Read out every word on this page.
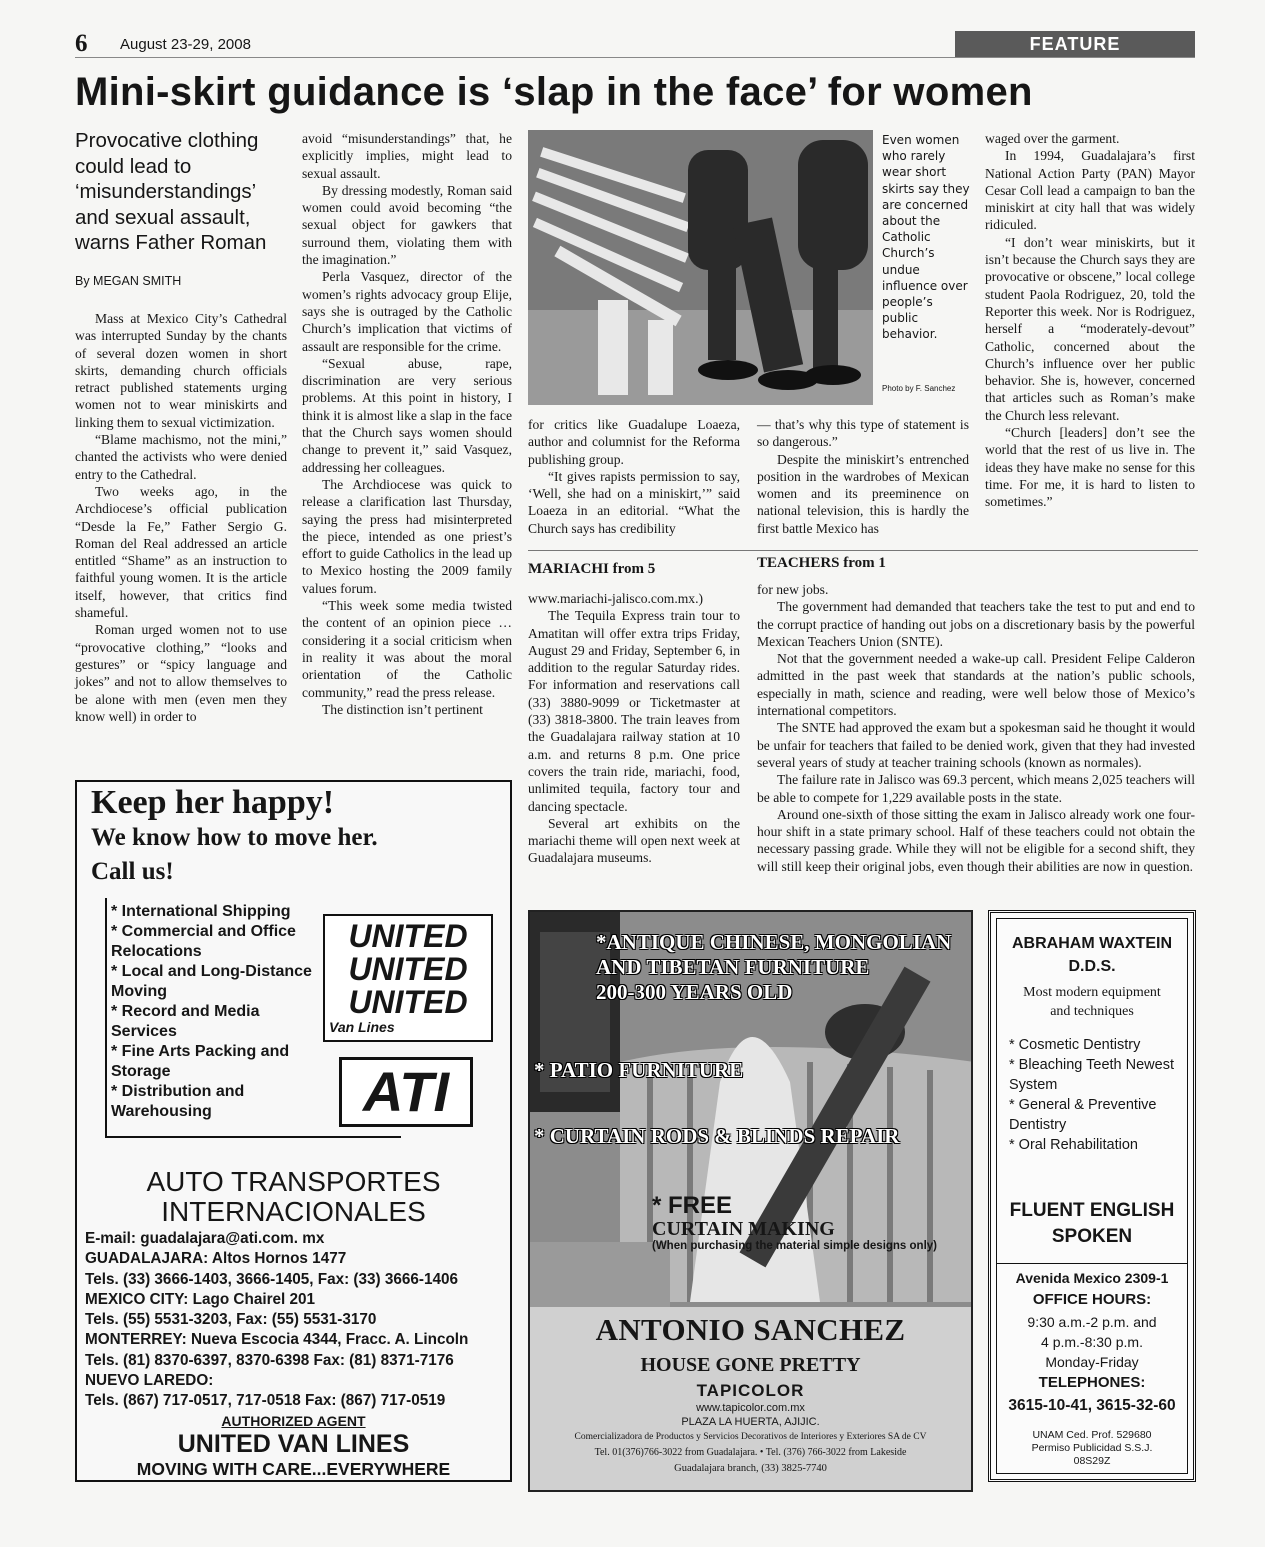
6 August 23-29, 2008	FEATURE
Mini-skirt guidance is ‘slap in the face’ for women
Provocative clothing could lead to ‘misunderstandings’ and sexual assault, warns Father Roman
By MEGAN SMITH

Mass at Mexico City’s Cathedral was interrupted Sunday by the chants of several dozen women in short skirts, demanding church officials retract published statements urging women not to wear miniskirts and linking them to sexual victimization.

“Blame machismo, not the mini,” chanted the activists who were denied entry to the Cathedral.

Two weeks ago, in the Archdiocese’s official publication “Desde la Fe,” Father Sergio G. Roman del Real addressed an article entitled “Shame” as an instruction to faithful young women. It is the article itself, however, that critics find shameful.

Roman urged women not to use “provocative clothing,” “looks and gestures” or “spicy language and jokes” and not to allow themselves to be alone with men (even men they know well) in order to

avoid “misunderstandings” that, he explicitly implies, might lead to sexual assault.

By dressing modestly, Roman said women could avoid becoming “the sexual object for gawkers that surround them, violating them with the imagination.”

Perla Vasquez, director of the women’s rights advocacy group Elije, says she is outraged by the Catholic Church’s implication that victims of assault are responsible for the crime.

“Sexual abuse, rape, discrimination are very serious problems. At this point in history, I think it is almost like a slap in the face that the Church says women should change to prevent it,” said Vasquez, addressing her colleagues.

The Archdiocese was quick to release a clarification last Thursday, saying the press had misinterpreted the piece, intended as one priest’s effort to guide Catholics in the lead up to Mexico hosting the 2009 family values forum.

“This week some media twisted the content of an opinion piece … considering it a social criticism when in reality it was about the moral orientation of the Catholic community,” read the press release.

The distinction isn’t pertinent

Even women who rarely wear short skirts say they are concerned about the Catholic Church’s undue influence over people’s public behavior.
Photo by F. Sanchez

for critics like Guadalupe Loaeza, author and columnist for the Reforma publishing group.

“It gives rapists permission to say, ‘Well, she had on a miniskirt,’” said Loaeza in an editorial. “What the Church says has credibility

— that’s why this type of statement is so dangerous.”

Despite the miniskirt’s entrenched position in the wardrobes of Mexican women and its preeminence on national television, this is hardly the first battle Mexico has

waged over the garment.

In 1994, Guadalajara’s first National Action Party (PAN) Mayor Cesar Coll lead a campaign to ban the miniskirt at city hall that was widely ridiculed.

“I don’t wear miniskirts, but it isn’t because the Church says they are provocative or obscene,” local college student Paola Rodriguez, 20, told the Reporter this week. Nor is Rodriguez, herself a “moderately-devout” Catholic, concerned about the Church’s influence over her public behavior. She is, however, concerned that articles such as Roman’s make the Church less relevant.

“Church [leaders] don’t see the world that the rest of us live in. The ideas they have make no sense for this time. For me, it is hard to listen to sometimes.”

MARIACHI from 5

www.mariachi-jalisco.com.mx.)

The Tequila Express train tour to Amatitan will offer extra trips Friday, August 29 and Friday, September 6, in addition to the regular Saturday rides. For information and reservations call (33) 3880-9099 or Ticketmaster at (33) 3818-3800. The train leaves from the Guadalajara railway station at 10 a.m. and returns 8 p.m. One price covers the train ride, mariachi, food, unlimited tequila, factory tour and dancing spectacle.

Several art exhibits on the mariachi theme will open next week at Guadalajara museums.

TEACHERS from 1

for new jobs.

The government had demanded that teachers take the test to put and end to the corrupt practice of handing out jobs on a discretionary basis by the powerful Mexican Teachers Union (SNTE).

Not that the government needed a wake-up call. President Felipe Calderon admitted in the past week that standards at the nation’s public schools, especially in math, science and reading, were well below those of Mexico’s international competitors.

The SNTE had approved the exam but a spokesman said he thought it would be unfair for teachers that failed to be denied work, given that they had invested several years of study at teacher training schools (known as normales).

The failure rate in Jalisco was 69.3 percent, which means 2,025 teachers will be able to compete for 1,229 available posts in the state.

Around one-sixth of those sitting the exam in Jalisco already work one four-hour shift in a state primary school. Half of these teachers could not obtain the necessary passing grade. While they will not be eligible for a second shift, they will still keep their original jobs, even though their abilities are now in question.

Keep her happy!
We know how to move her.
Call us!
* International Shipping
* Commercial and Office Relocations
* Local and Long-Distance Moving
* Record and Media Services
* Fine Arts Packing and Storage
* Distribution and Warehousing
UNITED
UNITED
UNITED
Van Lines
ATI
AUTO TRANSPORTES
INTERNACIONALES
E-mail: guadalajara@ati.com. mx
GUADALAJARA: Altos Hornos 1477
Tels. (33) 3666-1403, 3666-1405, Fax: (33) 3666-1406
MEXICO CITY: Lago Chairel 201
Tels. (55) 5531-3203, Fax: (55) 5531-3170
MONTERREY: Nueva Escocia 4344, Fracc. A. Lincoln
Tels. (81) 8370-6397, 8370-6398 Fax: (81) 8371-7176
NUEVO LAREDO:
Tels. (867) 717-0517, 717-0518 Fax: (867) 717-0519
AUTHORIZED AGENT
UNITED VAN LINES
MOVING WITH CARE...EVERYWHERE
*ANTIQUE CHINESE, MONGOLIAN
AND TIBETAN FURNITURE
200-300 YEARS OLD
* PATIO FURNITURE
* CURTAIN RODS & BLINDS REPAIR
* FREE
CURTAIN MAKING
(When purchasing the material simple designs only)
ANTONIO SANCHEZ
HOUSE GONE PRETTY
TAPICOLOR
www.tapicolor.com.mx
PLAZA LA HUERTA, AJIJIC.
Comercializadora de Productos y Servicios Decorativos de Interiores y Exteriores SA de CV
Tel. 01(376)766-3022 from Guadalajara. • Tel. (376) 766-3022 from Lakeside
Guadalajara branch, (33) 3825-7740
ABRAHAM WAXTEIN
D.D.S.
Most modern equipment
and techniques
* Cosmetic Dentistry
* Bleaching Teeth Newest System
* General & Preventive Dentistry
* Oral Rehabilitation
FLUENT ENGLISH SPOKEN
Avenida Mexico 2309-1
OFFICE HOURS:
9:30 a.m.-2 p.m. and
4 p.m.-8:30 p.m.
Monday-Friday
TELEPHONES:
3615-10-41, 3615-32-60
UNAM Ced. Prof. 529680
Permiso Publicidad S.S.J.
08S29Z
